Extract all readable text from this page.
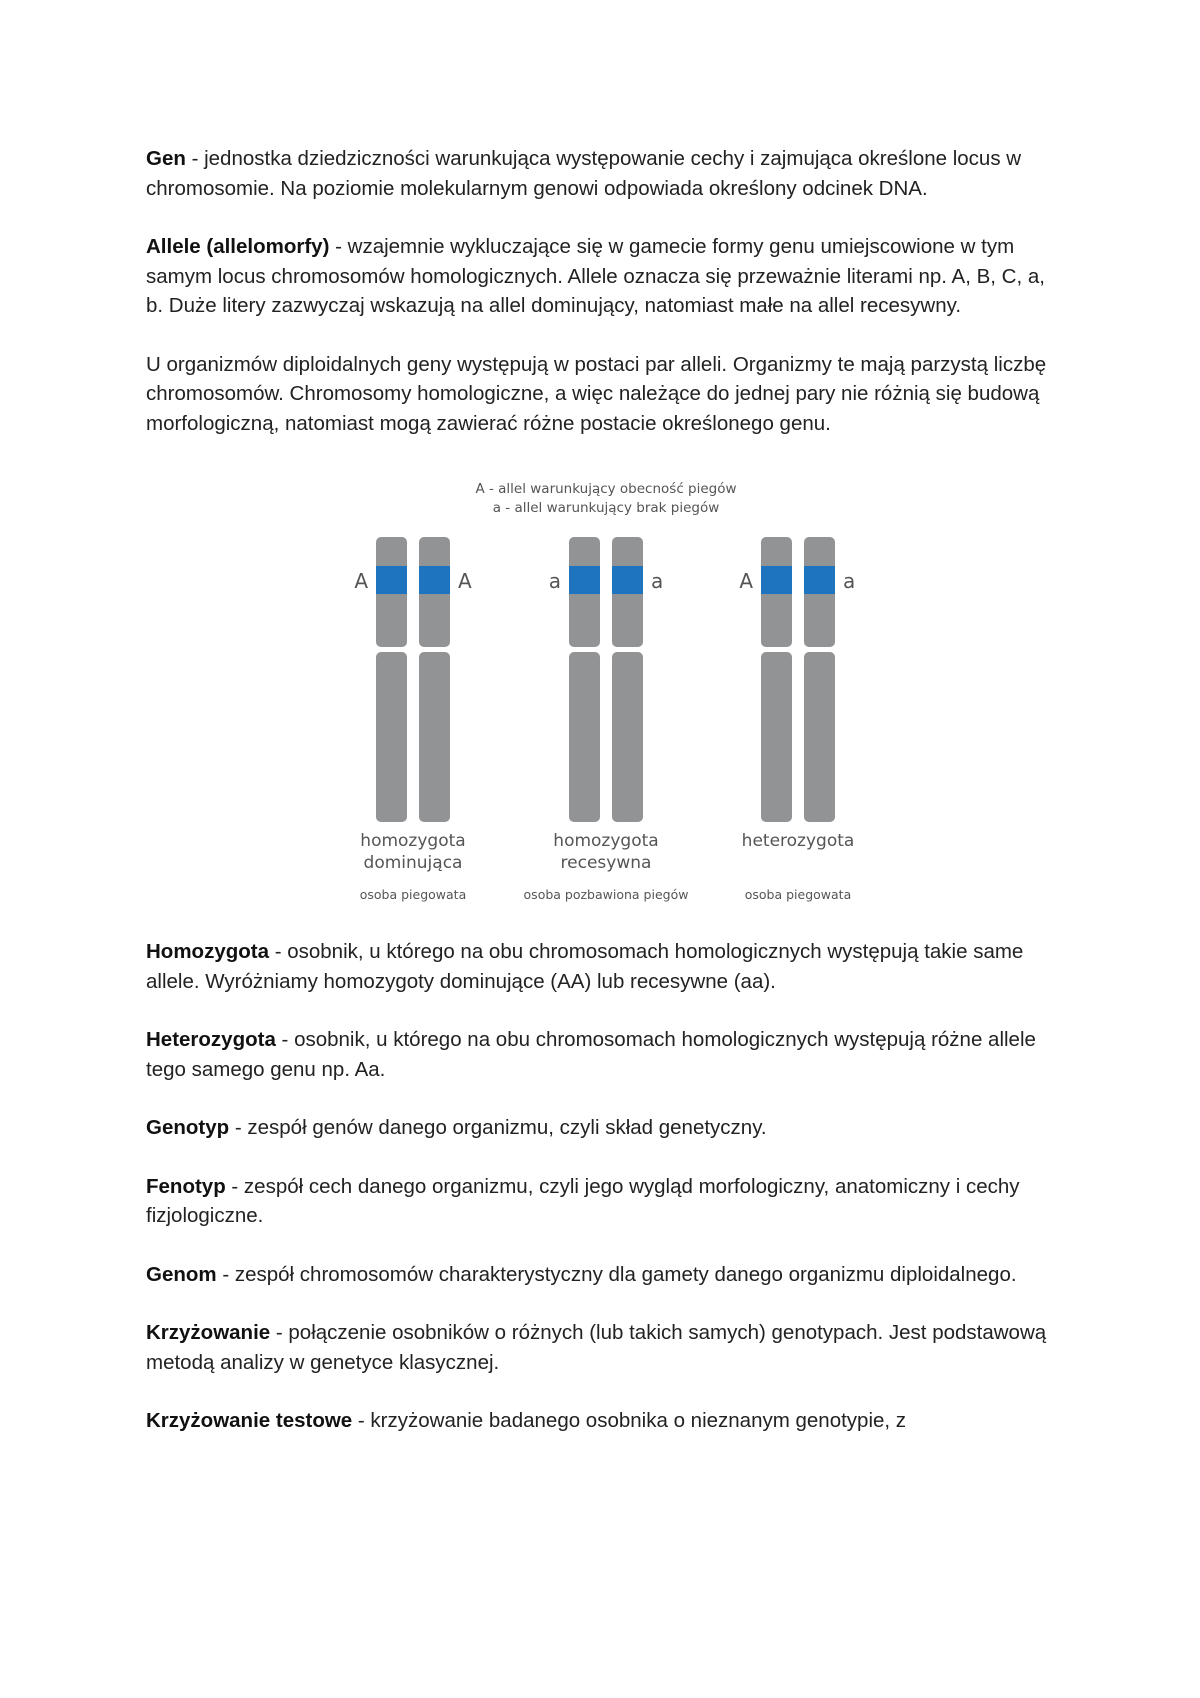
Gen - jednostka dziedziczności warunkująca występowanie cechy i zajmująca określone locus w chromosomie. Na poziomie molekularnym genowi odpowiada określony odcinek DNA.

Allele (allelomorfy) - wzajemnie wykluczające się w gamecie formy genu umiejscowione w tym samym locus chromosomów homologicznych. Allele oznacza się przeważnie literami np. A, B, C, a, b. Duże litery zazwyczaj wskazują na allel dominujący, natomiast małe na allel recesywny.

U organizmów diploidalnych geny występują w postaci par alleli. Organizmy te mają parzystą liczbę chromosomów. Chromosomy homologiczne, a więc należące do jednej pary nie różnią się budową morfologiczną, natomiast mogą zawierać różne postacie określonego genu.

A - allel warunkujący obecność piegów
a - allel warunkujący brak piegów
A	A
homozygota
dominująca
osoba piegowata
a	a
homozygota
recesywna
osoba pozbawiona piegów
A	a
heterozygota
osoba piegowata

Homozygota - osobnik, u którego na obu chromosomach homologicznych występują takie same allele. Wyróżniamy homozygoty dominujące (AA) lub recesywne (aa).

Heterozygota - osobnik, u którego na obu chromosomach homologicznych występują różne allele tego samego genu np. Aa.

Genotyp - zespół genów danego organizmu, czyli skład genetyczny.

Fenotyp - zespół cech danego organizmu, czyli jego wygląd morfologiczny, anatomiczny i cechy fizjologiczne.

Genom - zespół chromosomów charakterystyczny dla gamety danego organizmu diploidalnego.

Krzyżowanie - połączenie osobników o różnych (lub takich samych) genotypach. Jest podstawową metodą analizy w genetyce klasycznej.

Krzyżowanie testowe - krzyżowanie badanego osobnika o nieznanym genotypie, z
